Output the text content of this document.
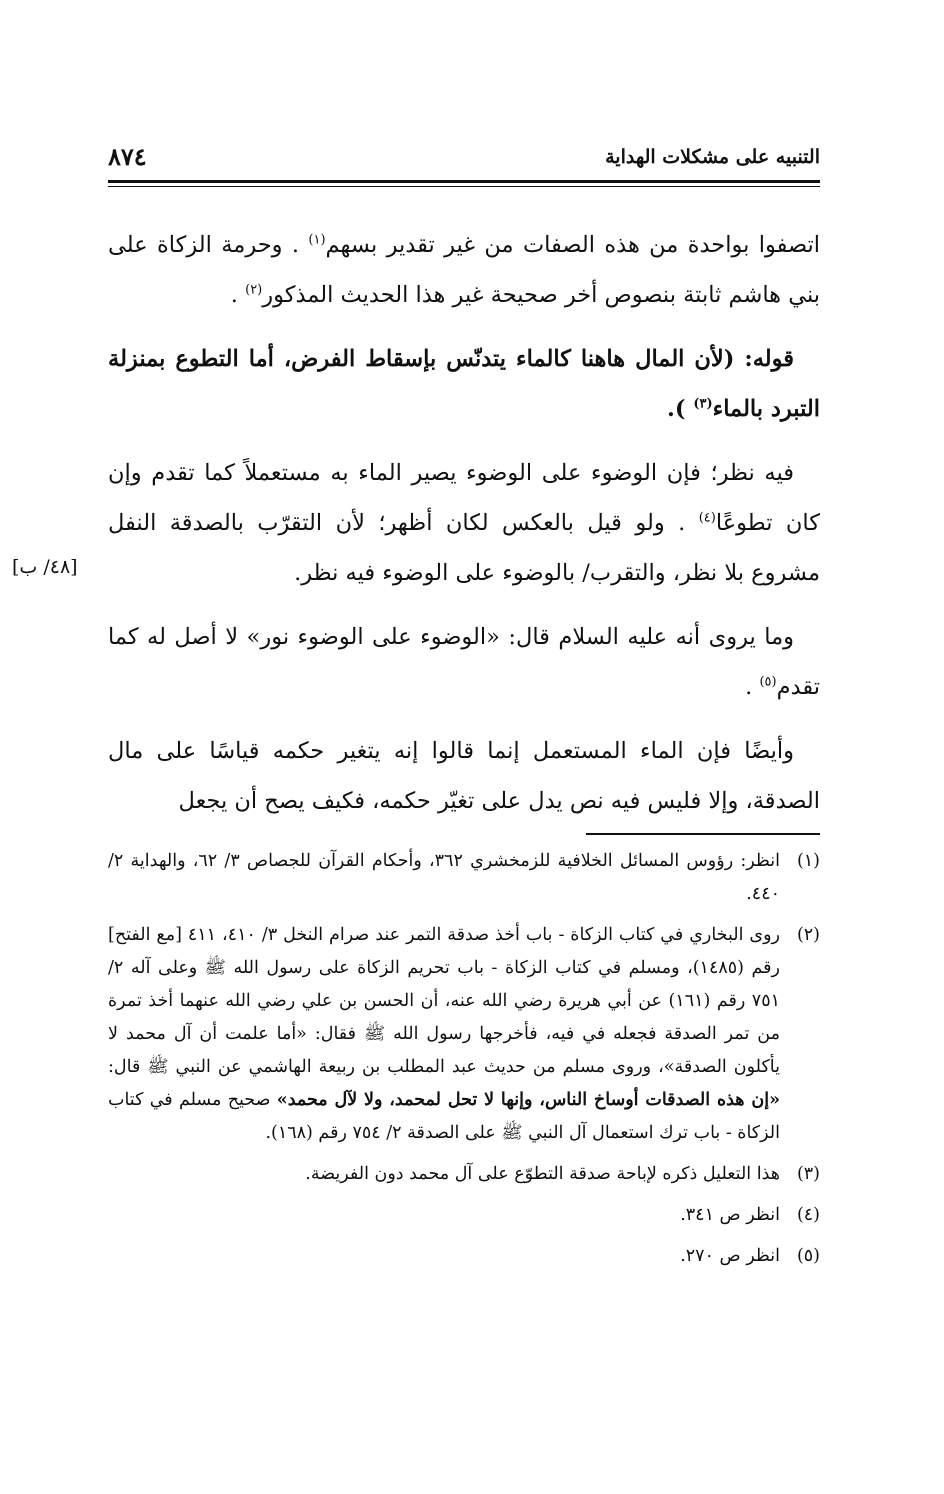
التنبيه على مشكلات الهداية
٨٧٤

اتصفوا بواحدة من هذه الصفات من غير تقدير بسهم$^{(١)}$ . وحرمة الزكاة على بني هاشم ثابتة بنصوص أخر صحيحة غير هذا الحديث المذكور$^{(٢)}$ .

قوله: (لأن المال هاهنا كالماء يتدنّس بإسقاط الفرض، أما التطوع بمنزلة التبرد بالماء$^{(٣)}$ ).

فيه نظر؛ فإن الوضوء على الوضوء يصير الماء به مستعملاً كما تقدم وإن كان تطوعًا$^{(٤)}$ . ولو قيل بالعكس لكان أظهر؛ لأن التقرّب بالصدقة النفل مشروع بلا نظر، والتقرب/ بالوضوء على الوضوء فيه نظر.

وما يروى أنه عليه السلام قال: «الوضوء على الوضوء نور» لا أصل له كما تقدم$^{(٥)}$ .

وأيضًا فإن الماء المستعمل إنما قالوا إنه يتغير حكمه قياسًا على مال الصدقة، وإلا فليس فيه نص يدل على تغيّر حكمه، فكيف يصح أن يجعل

[٤٨/ ب]
(١)
انظر: رؤوس المسائل الخلافية للزمخشري ٣٦٢، وأحكام القرآن للجصاص ٣/ ٦٢، والهداية ٢/ ٤٤٠.
(٢)
روى البخاري في كتاب الزكاة - باب أخذ صدقة التمر عند صرام النخل ٣/ ٤١٠، ٤١١ [مع الفتح] رقم (١٤٨٥)، ومسلم في كتاب الزكاة - باب تحريم الزكاة على رسول الله ﷺ وعلى آله ٢/ ٧٥١ رقم (١٦١) عن أبي هريرة رضي الله عنه، أن الحسن بن علي رضي الله عنهما أخذ تمرة من تمر الصدقة فجعله في فيه، فأخرجها رسول الله ﷺ فقال: «أما علمت أن آل محمد لا يأكلون الصدقة»، وروى مسلم من حديث عبد المطلب بن ربيعة الهاشمي عن النبي ﷺ قال: «إن هذه الصدقات أوساخ الناس، وإنها لا تحل لمحمد، ولا لآل محمد» صحيح مسلم في كتاب الزكاة - باب ترك استعمال آل النبي ﷺ على الصدقة ٢/ ٧٥٤ رقم (١٦٨).
(٣)
هذا التعليل ذكره لإباحة صدقة التطوّع على آل محمد دون الفريضة.
(٤)
انظر ص ٣٤١.
(٥)
انظر ص ٢٧٠.
